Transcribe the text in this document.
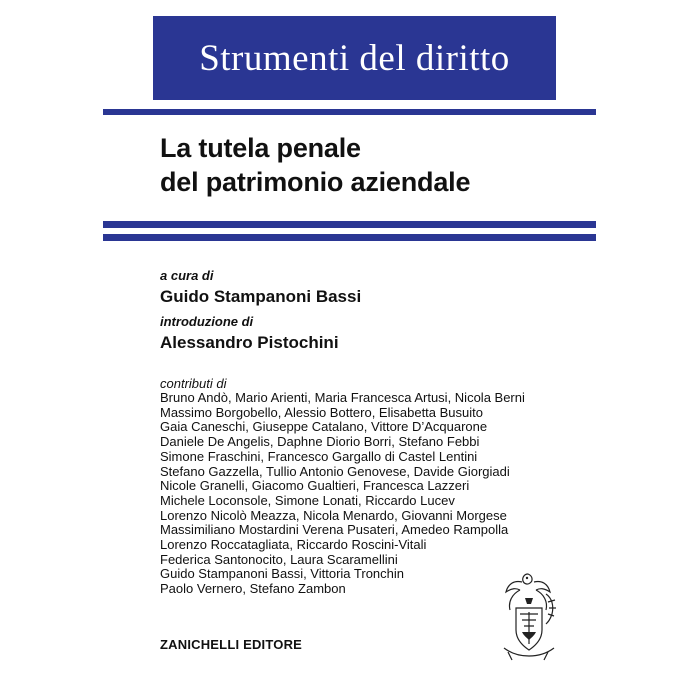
Strumenti del diritto
La tutela penale
del patrimonio aziendale
a cura di
Guido Stampanoni Bassi
introduzione di
Alessandro Pistochini
contributi di
Bruno Andò, Mario Arienti, Maria Francesca Artusi, Nicola Berni
Massimo Borgobello, Alessio Bottero, Elisabetta Busuito
Gaia Caneschi, Giuseppe Catalano, Vittore D’Acquarone
Daniele De Angelis, Daphne Diorio Borri, Stefano Febbi
Simone Fraschini, Francesco Gargallo di Castel Lentini
Stefano Gazzella, Tullio Antonio Genovese, Davide Giorgiadi
Nicole Granelli, Giacomo Gualtieri, Francesca Lazzeri
Michele Loconsole, Simone Lonati, Riccardo Lucev
Lorenzo Nicolò Meazza, Nicola Menardo, Giovanni Morgese
Massimiliano Mostardini Verena Pusateri, Amedeo Rampolla
Lorenzo Roccatagliata, Riccardo Roscini-Vitali
Federica Santonocito, Laura Scaramellini
Guido Stampanoni Bassi, Vittoria Tronchin
Paolo Vernero, Stefano Zambon
ZANICHELLI EDITORE
